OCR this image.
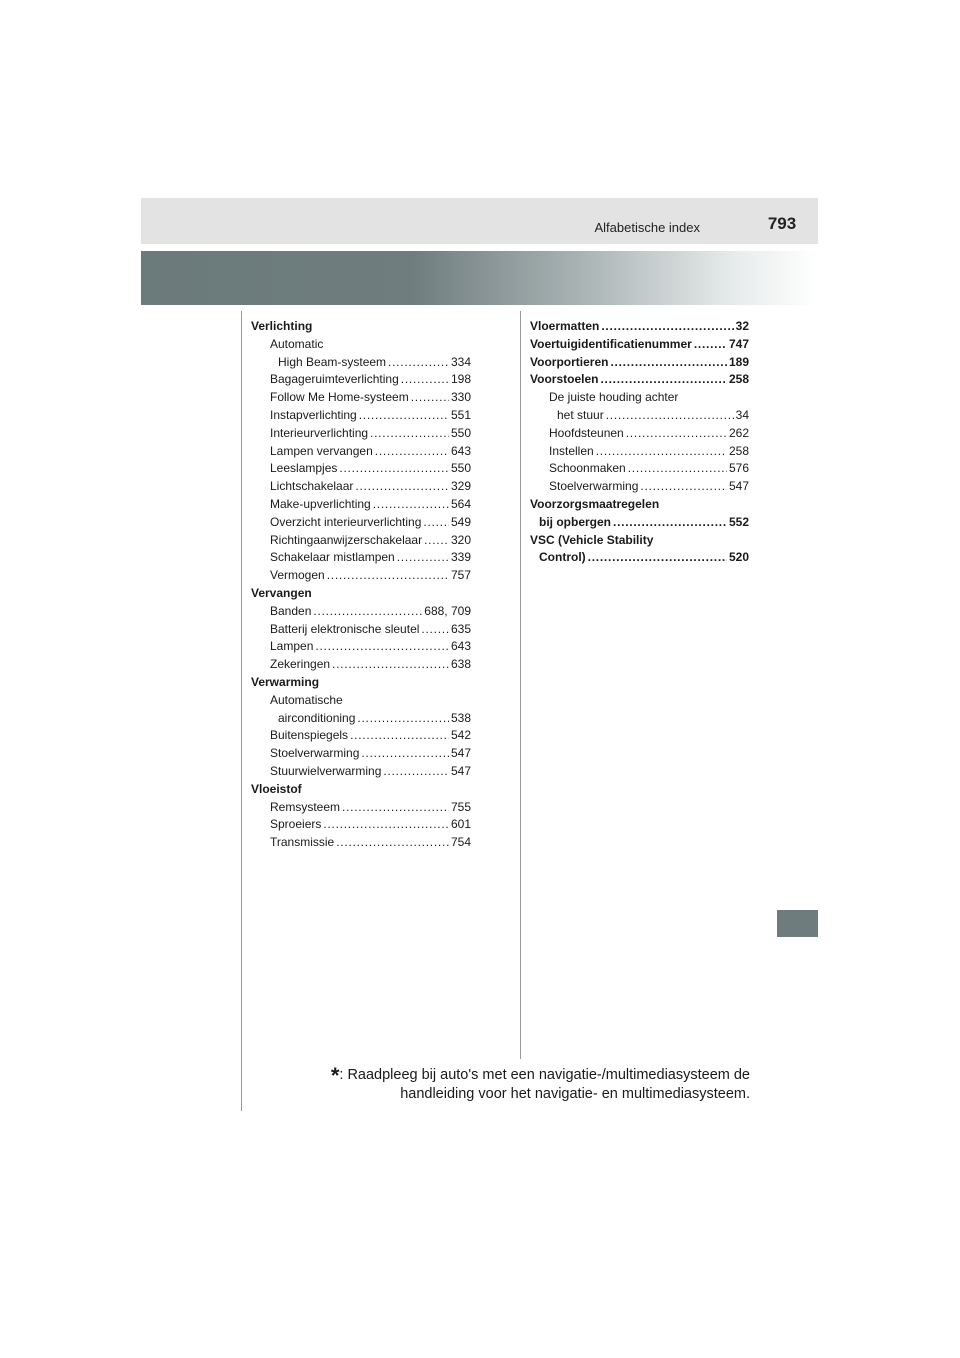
Alfabetische index	793
Verlichting
Automatic
High Beam-systeem . . .	334
Bagageruimteverlichting . . .	198
Follow Me Home-systeem . . .	330
Instapverlichting . . .	551
Interieurverlichting . . .	550
Lampen vervangen . . .	643
Leeslampjes . . .	550
Lichtschakelaar . . .	329
Make-upverlichting . . .	564
Overzicht interieurverlichting . . . 549
Richtingaanwijzerschakelaar . . . 320
Schakelaar mistlampen . . .	339
Vermogen . . .	757
Vervangen
Banden . . .	688, 709
Batterij elektronische sleutel . . .	635
Lampen . . .	643
Zekeringen . . .	638
Verwarming
Automatische
airconditioning . . .	538
Buitenspiegels . . .	542
Stoelverwarming . . .	547
Stuurwielverwarming . . .	547
Vloeistof
Remsysteem . . .	755
Sproeiers . . .	601
Transmissie . . .	754
Vloermatten . . .	32
Voertuigidentificatienummer . . .	747
Voorportieren . . .	189
Voorstoelen . . .	258
De juiste houding achter
het stuur . . .	34
Hoofdsteunen . . .	262
Instellen . . .	258
Schoonmaken . . .	576
Stoelverwarming . . .	547
Voorzorgsmaatregelen
bij opbergen . . .	552
VSC (Vehicle Stability
Control) . . .	520
*: Raadpleeg bij auto's met een navigatie-/multimediasysteem de
handleiding voor het navigatie- en multimediasysteem.
